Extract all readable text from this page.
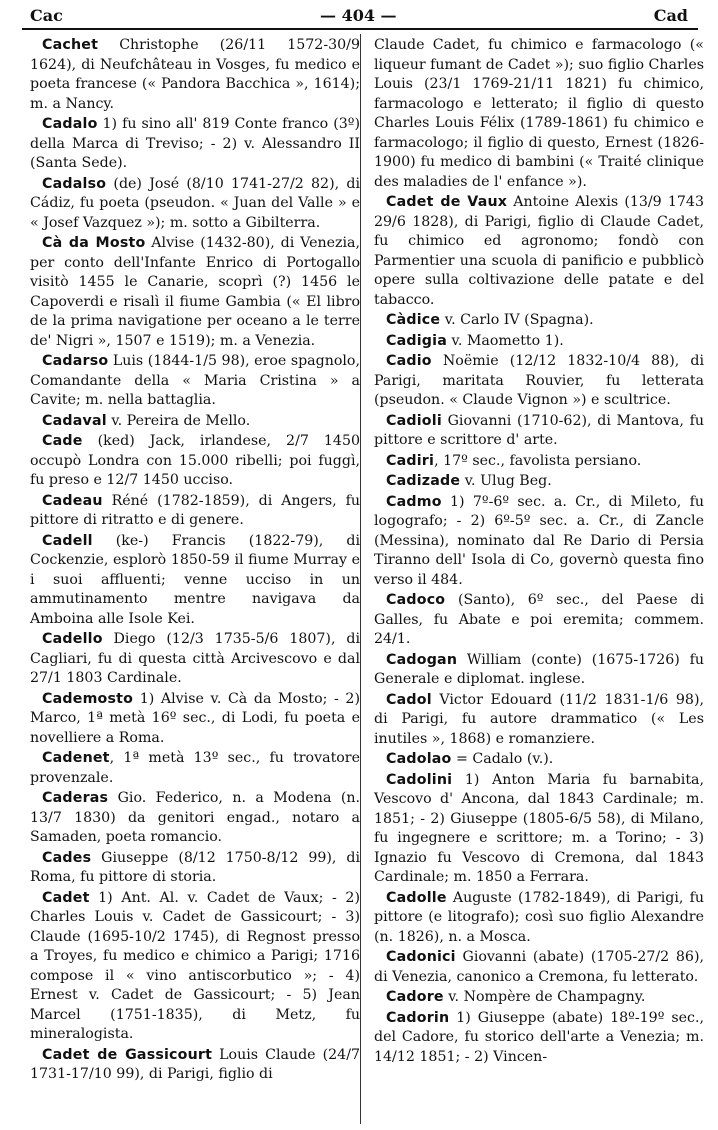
Cac	— 404 —	Cad

Cachet Christophe (26/11 1572-30/9 1624), di Neufchâteau in Vosges, fu medico e poeta francese (« Pandora Bacchica », 1614); m. a Nancy.

Cadalo 1) fu sino all' 819 Conte franco (3º) della Marca di Treviso; - 2) v. Alessandro II (Santa Sede).

Cadalso (de) José (8/10 1741-27/2 82), di Cádiz, fu poeta (pseudon. « Juan del Valle » e « Josef Vazquez »); m. sotto a Gibilterra.

Cà da Mosto Alvise (1432-80), di Venezia, per conto dell'Infante Enrico di Portogallo visitò 1455 le Canarie, scoprì (?) 1456 le Capoverdi e risalì il fiume Gambia (« El libro de la prima navigatione per oceano a le terre de' Nigri », 1507 e 1519); m. a Venezia.

Cadarso Luis (1844-1/5 98), eroe spagnolo, Comandante della « Maria Cristina » a Cavite; m. nella battaglia.

Cadaval v. Pereira de Mello.

Cade (ked) Jack, irlandese, 2/7 1450 occupò Londra con 15.000 ribelli; poi fuggì, fu preso e 12/7 1450 ucciso.

Cadeau Réné (1782-1859), di Angers, fu pittore di ritratto e di genere.

Cadell (ke-) Francis (1822-79), di Cockenzie, esplorò 1850-59 il fiume Murray e i suoi affluenti; venne ucciso in un ammutinamento mentre navigava da Amboina alle Isole Kei.

Cadello Diego (12/3 1735-5/6 1807), di Cagliari, fu di questa città Arcivescovo e dal 27/1 1803 Cardinale.

Cademosto 1) Alvise v. Cà da Mosto; - 2) Marco, 1ª metà 16º sec., di Lodi, fu poeta e novelliere a Roma.

Cadenet, 1ª metà 13º sec., fu trovatore provenzale.

Caderas Gio. Federico, n. a Modena (n. 13/7 1830) da genitori engad., notaro a Samaden, poeta romancio.

Cades Giuseppe (8/12 1750-8/12 99), di Roma, fu pittore di storia.

Cadet 1) Ant. Al. v. Cadet de Vaux; - 2) Charles Louis v. Cadet de Gassicourt; - 3) Claude (1695-10/2 1745), di Regnost presso a Troyes, fu medico e chimico a Parigi; 1716 compose il « vino antiscorbutico »; - 4) Ernest v. Cadet de Gassicourt; - 5) Jean Marcel (1751-1835), di Metz, fu mineralogista.

Cadet de Gassicourt Louis Claude (24/7 1731-17/10 99), di Parigi, figlio di

Claude Cadet, fu chimico e farmacologo (« liqueur fumant de Cadet »); suo figlio Charles Louis (23/1 1769-21/11 1821) fu chimico, farmacologo e letterato; il figlio di questo Charles Louis Félix (1789-1861) fu chimico e farmacologo; il figlio di questo, Ernest (1826-1900) fu medico di bambini (« Traité clinique des maladies de l' enfance »).

Cadet de Vaux Antoine Alexis (13/9 1743 29/6 1828), di Parigi, figlio di Claude Cadet, fu chimico ed agronomo; fondò con Parmentier una scuola di panificio e pubblicò opere sulla coltivazione delle patate e del tabacco.

Càdice v. Carlo IV (Spagna).

Cadigia v. Maometto 1).

Cadio Noëmie (12/12 1832-10/4 88), di Parigi, maritata Rouvier, fu letterata (pseudon. « Claude Vignon ») e scultrice.

Cadioli Giovanni (1710-62), di Mantova, fu pittore e scrittore d' arte.

Cadiri, 17º sec., favolista persiano.

Cadizade v. Ulug Beg.

Cadmo 1) 7º-6º sec. a. Cr., di Mileto, fu logografo; - 2) 6º-5º sec. a. Cr., di Zancle (Messina), nominato dal Re Dario di Persia Tiranno dell' Isola di Co, governò questa fino verso il 484.

Cadoco (Santo), 6º sec., del Paese di Galles, fu Abate e poi eremita; commem. 24/1.

Cadogan William (conte) (1675-1726) fu Generale e diplomat. inglese.

Cadol Victor Edouard (11/2 1831-1/6 98), di Parigi, fu autore drammatico (« Les inutiles », 1868) e romanziere.

Cadolao = Cadalo (v.).

Cadolini 1) Anton Maria fu barnabita, Vescovo d' Ancona, dal 1843 Cardinale; m. 1851; - 2) Giuseppe (1805-6/5 58), di Milano, fu ingegnere e scrittore; m. a Torino; - 3) Ignazio fu Vescovo di Cremona, dal 1843 Cardinale; m. 1850 a Ferrara.

Cadolle Auguste (1782-1849), di Parigi, fu pittore (e litografo); così suo figlio Alexandre (n. 1826), n. a Mosca.

Cadonici Giovanni (abate) (1705-27/2 86), di Venezia, canonico a Cremona, fu letterato.

Cadore v. Nompère de Champagny.

Cadorin 1) Giuseppe (abate) 18º-19º sec., del Cadore, fu storico dell'arte a Venezia; m. 14/12 1851; - 2) Vincen-
